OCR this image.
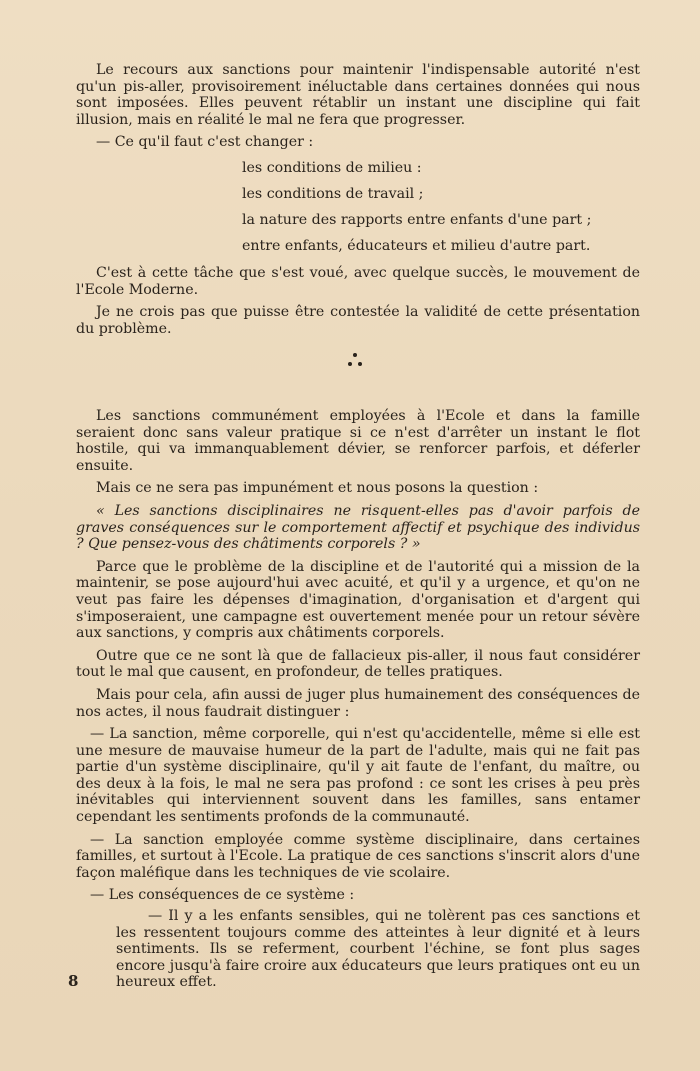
Le recours aux sanctions pour maintenir l'indispensable autorité n'est qu'un pis-aller, provisoirement inéluctable dans certaines données qui nous sont imposées. Elles peuvent rétablir un instant une discipline qui fait illusion, mais en réalité le mal ne fera que progresser.

— Ce qu'il faut c'est changer :

les conditions de milieu :
les conditions de travail ;
la nature des rapports entre enfants d'une part ;
entre enfants, éducateurs et milieu d'autre part.

C'est à cette tâche que s'est voué, avec quelque succès, le mouvement de l'Ecole Moderne.

Je ne crois pas que puisse être contestée la validité de cette présentation du problème.

Les sanctions communément employées à l'Ecole et dans la famille seraient donc sans valeur pratique si ce n'est d'arrêter un instant le flot hostile, qui va immanquablement dévier, se renforcer parfois, et déferler ensuite.

Mais ce ne sera pas impunément et nous posons la question :

« Les sanctions disciplinaires ne risquent-elles pas d'avoir parfois de graves conséquences sur le comportement affectif et psychique des individus ? Que pensez-vous des châtiments corporels ? »

Parce que le problème de la discipline et de l'autorité qui a mission de la maintenir, se pose aujourd'hui avec acuité, et qu'il y a urgence, et qu'on ne veut pas faire les dépenses d'imagination, d'organisation et d'argent qui s'imposeraient, une campagne est ouvertement menée pour un retour sévère aux sanctions, y compris aux châtiments corporels.

Outre que ce ne sont là que de fallacieux pis-aller, il nous faut considérer tout le mal que causent, en profondeur, de telles pratiques.

Mais pour cela, afin aussi de juger plus humainement des conséquences de nos actes, il nous faudrait distinguer :

— La sanction, même corporelle, qui n'est qu'accidentelle, même si elle est une mesure de mauvaise humeur de la part de l'adulte, mais qui ne fait pas partie d'un système disciplinaire, qu'il y ait faute de l'enfant, du maître, ou des deux à la fois, le mal ne sera pas profond : ce sont les crises à peu près inévitables qui interviennent souvent dans les familles, sans entamer cependant les sentiments profonds de la communauté.

— La sanction employée comme système disciplinaire, dans certaines familles, et surtout à l'Ecole. La pratique de ces sanctions s'inscrit alors d'une façon maléfique dans les techniques de vie scolaire.

— Les conséquences de ce système :

— Il y a les enfants sensibles, qui ne tolèrent pas ces sanctions et les ressentent toujours comme des atteintes à leur dignité et à leurs sentiments. Ils se referment, courbent l'échine, se font plus sages encore jusqu'à faire croire aux éducateurs que leurs pratiques ont eu un heureux effet.

8
